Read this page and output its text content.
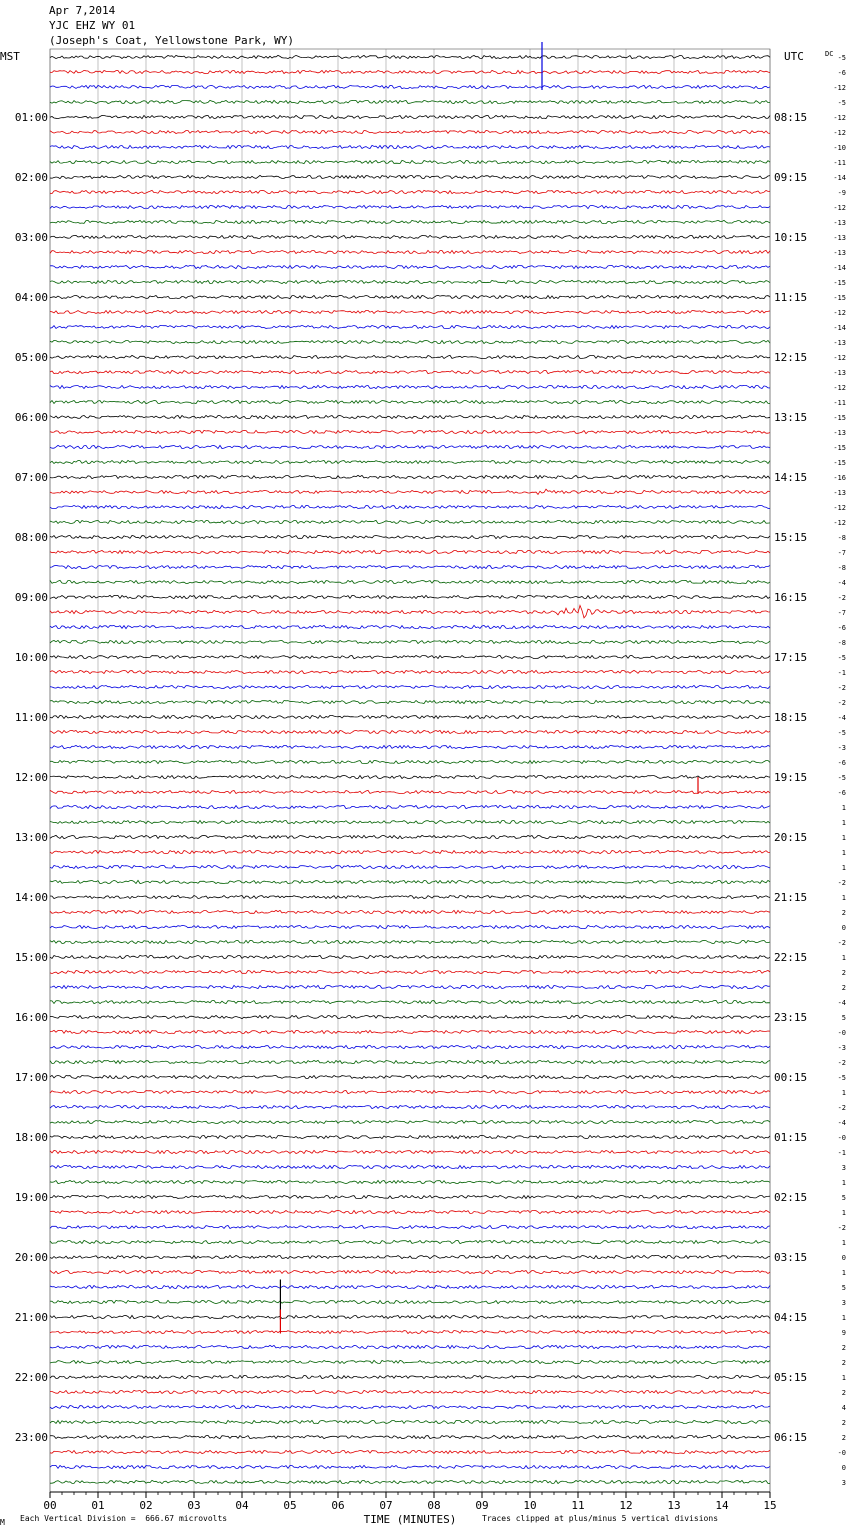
Apr 7,2014
YJC EHZ WY 01
(Joseph's Coat, Yellowstone Park, WY)
-5
-6
-12
-5
-12
-12
-10
-11
-14
-9
-12
-13
-13
-13
-14
-15
-15
-12
-14
-13
-12
-13
-12
-11
-15
-13
-15
-15
-16
-13
-12
-12
-8
-7
-8
-4
-2
-7
-6
-8
-5
-1
-2
-2
-4
-5
-3
-6
-5
-6
1
1
1
1
1
-2
1
2
0
-2
1
2
2
-4
5
-0
-3
-2
-5
1
-2
-4
-0
-1
3
1
5
1
-2
1
0
1
5
3
1
9
2
2
1
2
4
2
2
-0
0
3
MST	UTC	DC
01:00
02:00
03:00
04:00
05:00
06:00
07:00
08:00
09:00
10:00
11:00
12:00
13:00
14:00
15:00
16:00
17:00
18:00
19:00
20:00
21:00
22:00
23:00
08:15
09:15
10:15
11:15
12:15
13:15
14:15
15:15
16:15
17:15
18:15
19:15
20:15
21:15
22:15
23:15
00:15
01:15
02:15
03:15
04:15
05:15
06:15
00	01	02	03	04	05	06	07	08	09	10	11	12	13	14	15
TIME (MINUTES)
M Each Vertical Division =  666.67 microvolts	Traces clipped at plus/minus 5 vertical divisions
